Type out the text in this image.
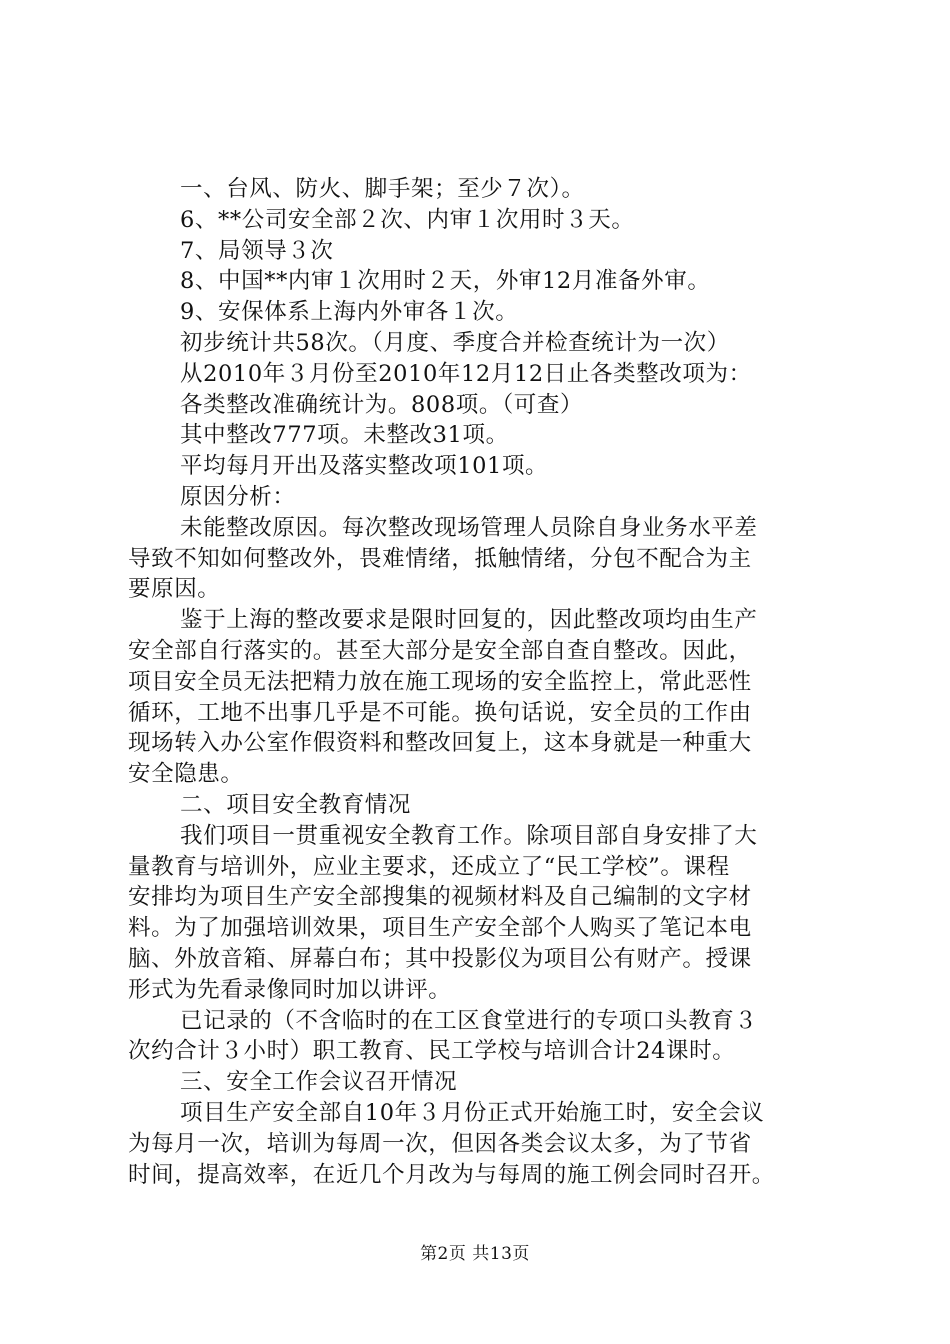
一、台风、防火、脚手架；至少７次）。

6、**公司安全部２次、内审１次用时３天。

7、局领导３次

8、中国**内审１次用时２天，外审12月准备外审。

9、安保体系上海内外审各１次。

初步统计共58次。（月度、季度合并检查统计为一次）

从2010年３月份至2010年12月12日止各类整改项为：

各类整改准确统计为。808项。（可查）

其中整改777项。未整改31项。

平均每月开出及落实整改项101项。

原因分析：

未能整改原因。每次整改现场管理人员除自身业务水平差

导致不知如何整改外，畏难情绪，抵触情绪，分包不配合为主

要原因。

鉴于上海的整改要求是限时回复的，因此整改项均由生产

安全部自行落实的。甚至大部分是安全部自查自整改。因此，

项目安全员无法把精力放在施工现场的安全监控上，常此恶性

循环，工地不出事几乎是不可能。换句话说，安全员的工作由

现场转入办公室作假资料和整改回复上，这本身就是一种重大

安全隐患。

二、项目安全教育情况

我们项目一贯重视安全教育工作。除项目部自身安排了大

量教育与培训外，应业主要求，还成立了“民工学校”。课程

安排均为项目生产安全部搜集的视频材料及自己编制的文字材

料。为了加强培训效果，项目生产安全部个人购买了笔记本电

脑、外放音箱、屏幕白布；其中投影仪为项目公有财产。授课

形式为先看录像同时加以讲评。

已记录的（不含临时的在工区食堂进行的专项口头教育３

次约合计３小时）职工教育、民工学校与培训合计24课时。

三、安全工作会议召开情况

项目生产安全部自10年３月份正式开始施工时，安全会议

为每月一次，培训为每周一次，但因各类会议太多，为了节省

时间，提高效率，在近几个月改为与每周的施工例会同时召开。

第2页 共13页
